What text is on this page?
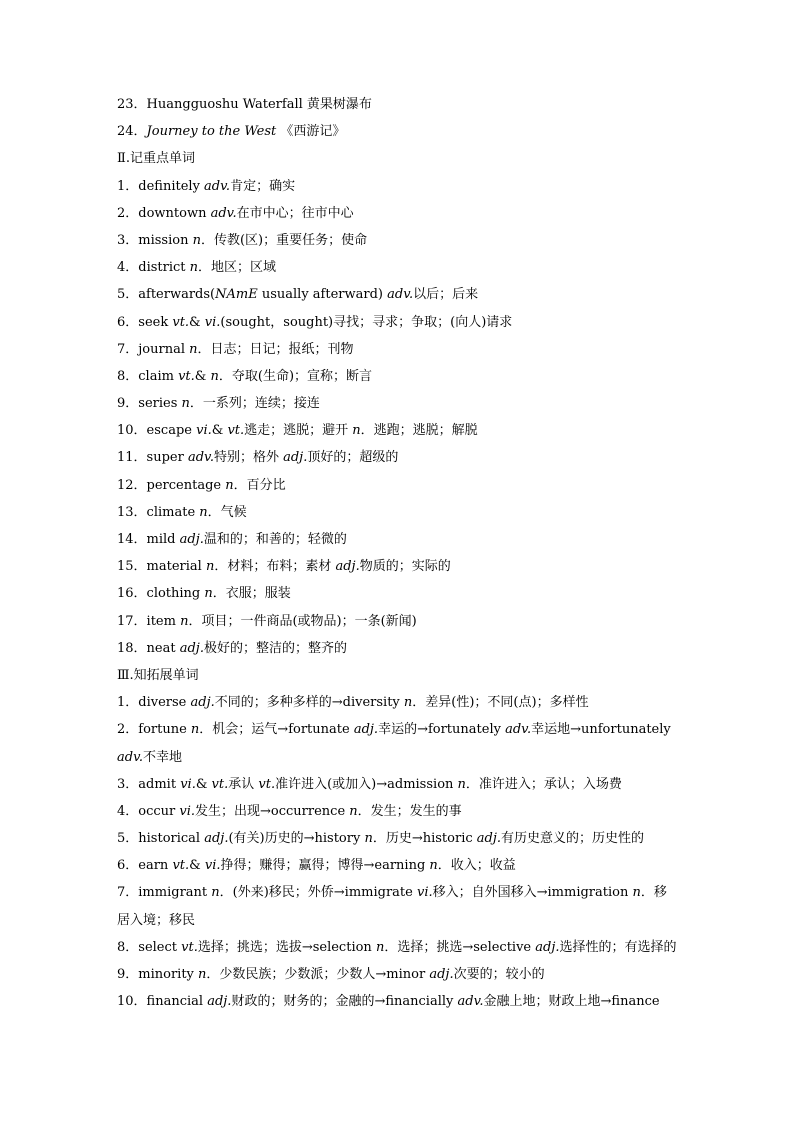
23．Huangguoshu Waterfall 黄果树瀑布
24．Journey to the West 《西游记》
Ⅱ.记重点单词
1．definitely adv.肯定；确实
2．downtown adv.在市中心；往市中心
3．mission n．传教(区)；重要任务；使命
4．district n．地区；区域
5．afterwards(NAmE usually afterward) adv.以后；后来
6．seek vt.& vi.(sought，sought)寻找；寻求；争取；(向人)请求
7．journal n．日志；日记；报纸；刊物
8．claim vt.& n．夺取(生命)；宣称；断言
9．series n．一系列；连续；接连
10．escape vi.& vt.逃走；逃脱；避开 n．逃跑；逃脱；解脱
11．super adv.特别；格外 adj.顶好的；超级的
12．percentage n．百分比
13．climate n．气候
14．mild adj.温和的；和善的；轻微的
15．material n．材料；布料；素材 adj.物质的；实际的
16．clothing n．衣服；服装
17．item n．项目；一件商品(或物品)；一条(新闻)
18．neat adj.极好的；整洁的；整齐的
Ⅲ.知拓展单词
1．diverse adj.不同的；多种多样的→diversity n．差异(性)；不同(点)；多样性
2．fortune n．机会；运气→fortunate adj.幸运的→fortunately adv.幸运地→unfortunately adv.不幸地
3．admit vi.& vt.承认 vt.准许进入(或加入)→admission n．准许进入；承认；入场费
4．occur vi.发生；出现→occurrence n．发生；发生的事
5．historical adj.(有关)历史的→history n．历史→historic adj.有历史意义的；历史性的
6．earn vt.& vi.挣得；赚得；赢得；博得→earning n．收入；收益
7．immigrant n．(外来)移民；外侨→immigrate vi.移入；自外国移入→immigration n．移居入境；移民
8．select vt.选择；挑选；选拔→selection n．选择；挑选→selective adj.选择性的；有选择的
9．minority n．少数民族；少数派；少数人→minor adj.次要的；较小的
10．financial adj.财政的；财务的；金融的→financially adv.金融上地；财政上地→finance
